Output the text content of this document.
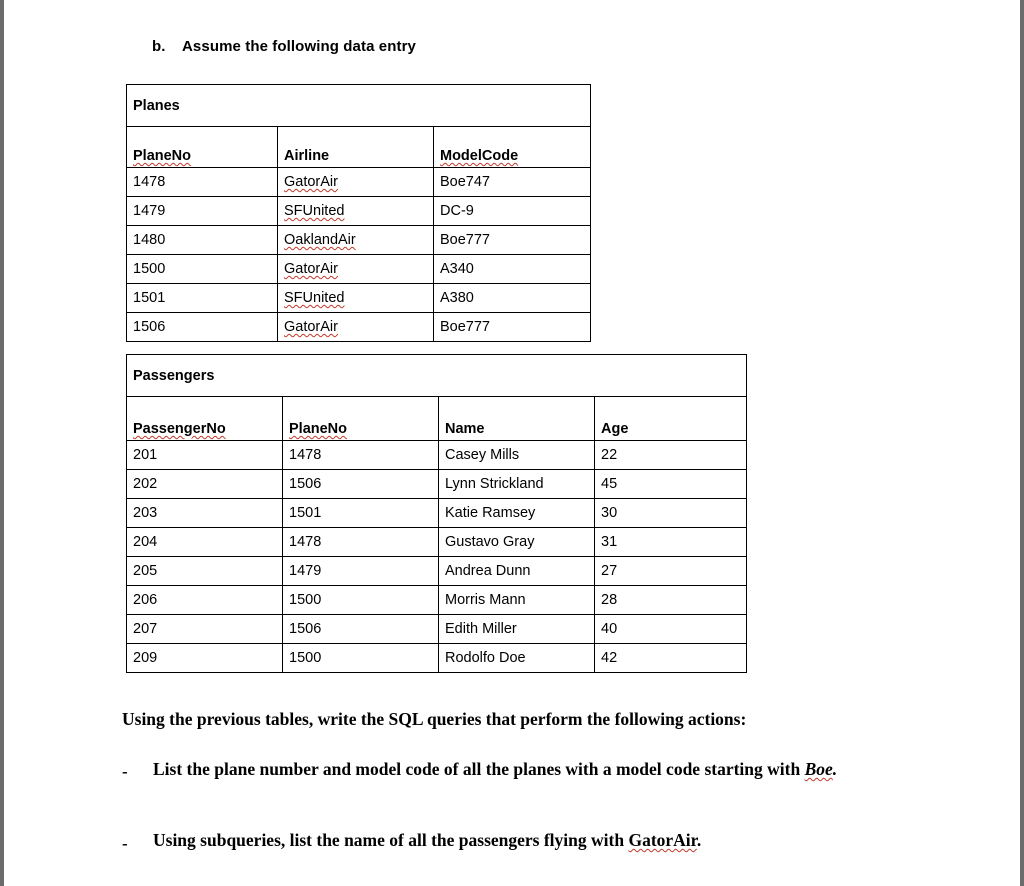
b. Assume the following data entry
Planes		
PlaneNo	Airline	ModelCode
1478	GatorAir	Boe747
1479	SFUnited	DC-9
1480	OaklandAir	Boe777
1500	GatorAir	A340
1501	SFUnited	A380
1506	GatorAir	Boe777
Passengers			
PassengerNo	PlaneNo	Name	Age
201	1478	Casey Mills	22
202	1506	Lynn Strickland	45
203	1501	Katie Ramsey	30
204	1478	Gustavo Gray	31
205	1479	Andrea Dunn	27
206	1500	Morris Mann	28
207	1506	Edith Miller	40
209	1500	Rodolfo Doe	42
Using the previous tables, write the SQL queries that perform the following actions:
- List the plane number and model code of all the planes with a model code starting with Boe.
- Using subqueries, list the name of all the passengers flying with GatorAir.
